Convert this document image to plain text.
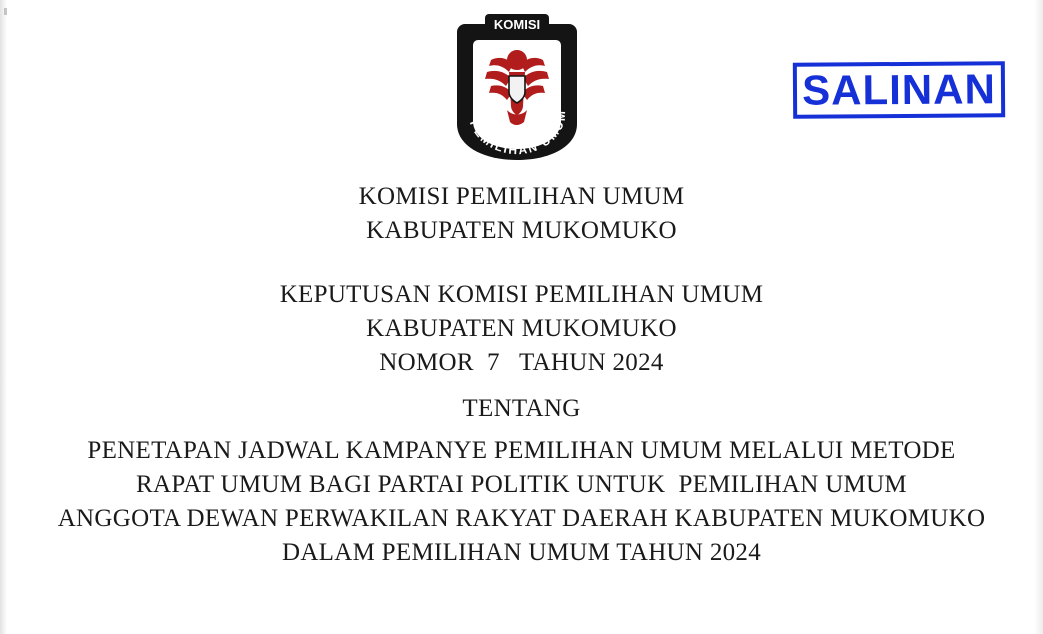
KOMISI
PEMILIHAN UMUM
SALINAN
KOMISI PEMILIHAN UMUM
KABUPATEN MUKOMUKO
KEPUTUSAN KOMISI PEMILIHAN UMUM
KABUPATEN MUKOMUKO
NOMOR  7   TAHUN 2024
TENTANG
PENETAPAN JADWAL KAMPANYE PEMILIHAN UMUM MELALUI METODE
RAPAT UMUM BAGI PARTAI POLITIK UNTUK  PEMILIHAN UMUM
ANGGOTA DEWAN PERWAKILAN RAKYAT DAERAH KABUPATEN MUKOMUKO
DALAM PEMILIHAN UMUM TAHUN 2024
